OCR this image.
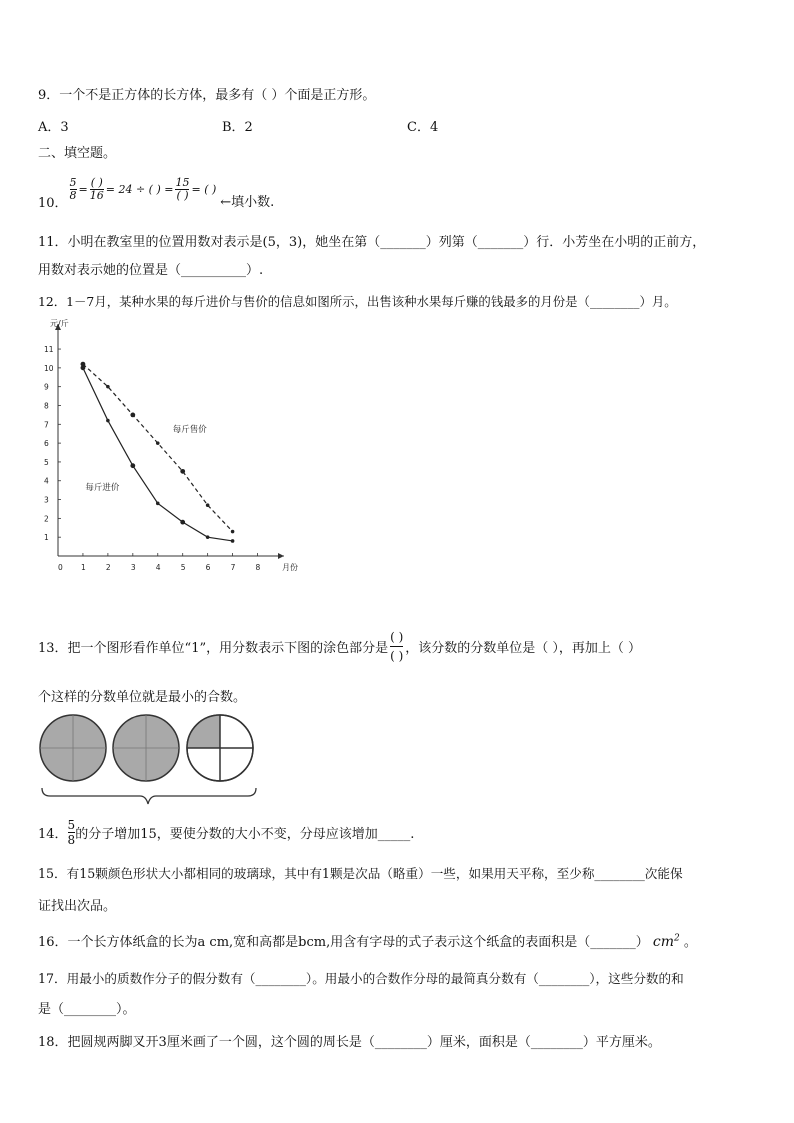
9．一个不是正方体的长方体，最多有（ ）个面是正方形。
A．3	B．2	C．4
二、填空题。
10．
$\frac{5}{8} = \frac{( )}{16} = 24$ ÷ ( ) = $\frac{15}{( )}$ = ( )
←填小数.
11．小明在教室里的位置用数对表示是(5，3)，她坐在第（_______）列第（_______）行．小芳坐在小明的正前方，
用数对表示她的位置是（__________）.
12．1－7月，某种水果的每斤进价与售价的信息如图所示，出售该种水果每斤赚的钱最多的月份是（________）月。
元/斤
月份
0 1	2	3	4	5	6	7	8
1
2
3
4
5
6
7
8
9
10
11
每斤售价
每斤进价
13．把一个图形看作单位“1”，用分数表示下图的涂色部分是 $\frac{( )}{( )}$ ，该分数的分数单位是（ ），再加上（ ）
个这样的分数单位就是最小的合数。
14． $\frac{5}{8}$ 的分子增加15，要使分数的大小不变，分母应该增加_____.
15．有15颗颜色形状大小都相同的玻璃球，其中有1颗是次品（略重）一些，如果用天平称，至少称________次能保
证找出次品。
16．一个长方体纸盒的长为a cm,宽和高都是bcm,用含有字母的式子表示这个纸盒的表面积是（_______） $cm^2$ 。
17．用最小的质数作分子的假分数有（________）。用最小的合数作分母的最简真分数有（________），这些分数的和
是（________）。
18．把圆规两脚叉开3厘米画了一个圆，这个圆的周长是（________）厘米，面积是（________）平方厘米。
